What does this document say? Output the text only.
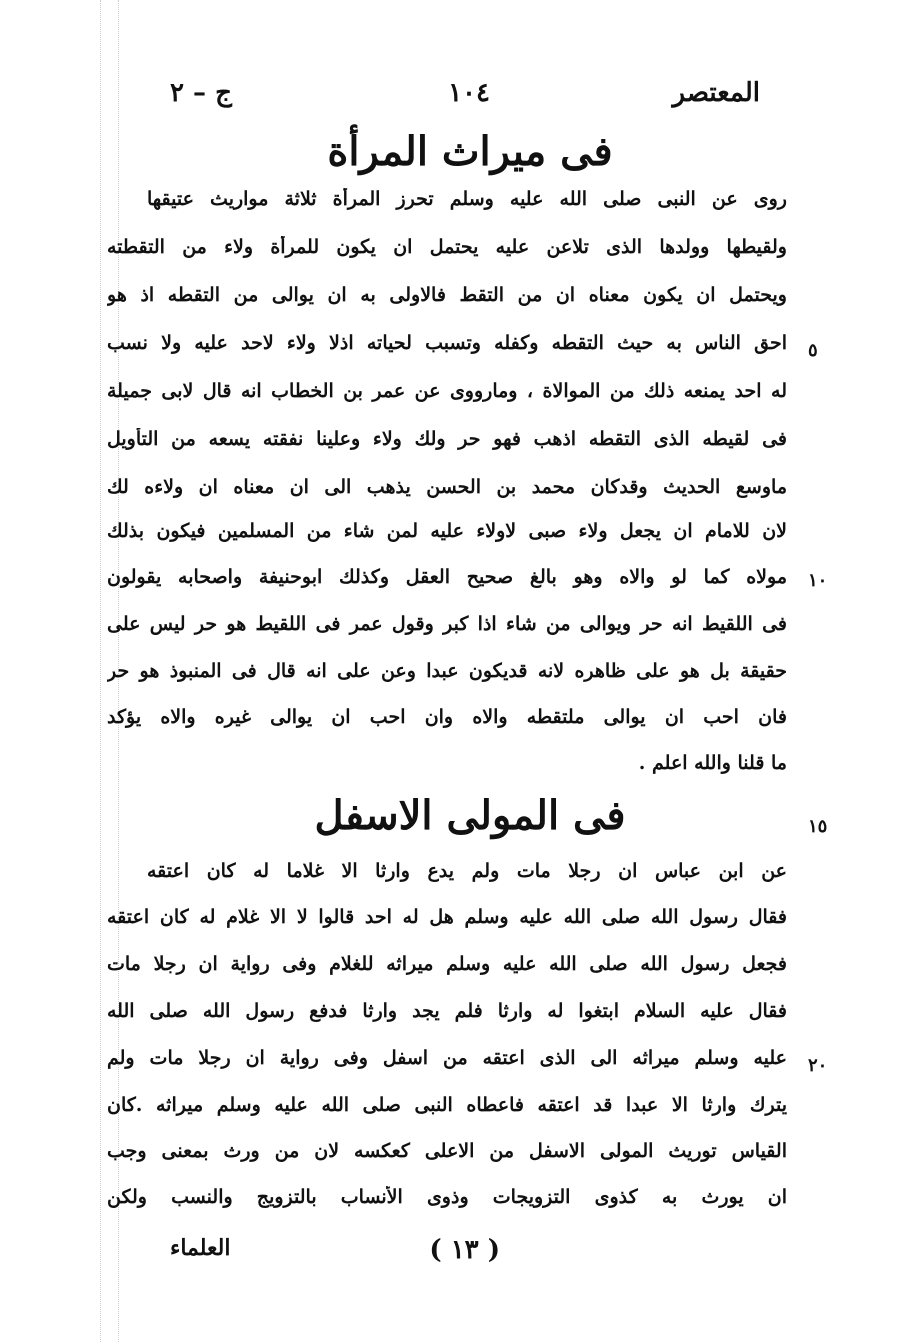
المعتصر
١٠٤
ج – ٢
فى ميراث المرأة
روى عن النبى صلى الله عليه وسلم تحرز المرأة ثلاثة مواريث عتيقها
ولقيطها وولدها الذى تلاعن عليه يحتمل ان يكون للمرأة ولاء من التقطته
ويحتمل ان يكون معناه ان من التقط فالاولى به ان يوالى من التقطه اذ هو
احق الناس به حيث التقطه وكفله وتسبب لحياته اذلا ولاء لاحد عليه ولا نسب
له احد يمنعه ذلك من الموالاة ، ومارووى عن عمر بن الخطاب انه قال لابى جميلة
فى لقيطه الذى التقطه اذهب فهو حر ولك ولاء وعلينا نفقته يسعه من التأويل
ماوسع الحديث وقدكان محمد بن الحسن يذهب الى ان معناه ان ولاءه لك
لان للامام ان يجعل ولاء صبى لاولاء عليه لمن شاء من المسلمين فيكون بذلك
مولاه كما لو والاه وهو بالغ صحيح العقل وكذلك ابوحنيفة واصحابه يقولون
فى اللقيط انه حر ويوالى من شاء اذا كبر وقول عمر فى اللقيط هو حر ليس على
حقيقة بل هو على ظاهره لانه قديكون عبدا وعن على انه قال فى المنبوذ هو حر
فان احب ان يوالى ملتقطه والاه وان احب ان يوالى غيره والاه يؤكد
ما قلنا والله اعلم .
فى المولى الاسفل
عن ابن عباس ان رجلا مات ولم يدع وارثا الا غلاما له كان اعتقه
فقال رسول الله صلى الله عليه وسلم هل له احد قالوا لا الا غلام له كان اعتقه
فجعل رسول الله صلى الله عليه وسلم ميراثه للغلام وفى رواية ان رجلا مات
فقال عليه السلام ابتغوا له وارثا فلم يجد وارثا فدفع رسول الله صلى الله
عليه وسلم ميراثه الى الذى اعتقه من اسفل وفى رواية ان رجلا مات ولم
يترك وارثا الا عبدا قد اعتقه فاعطاه النبى صلى الله عليه وسلم ميراثه .كان
القياس توريث المولى الاسفل من الاعلى كعكسه لان من ورث بمعنى وجب
ان يورث به كذوى التزويجات وذوى الأنساب بالتزويج والنسب ولكن
٥
١٠
١٥
٢٠
( ١٣ )
العلماء
